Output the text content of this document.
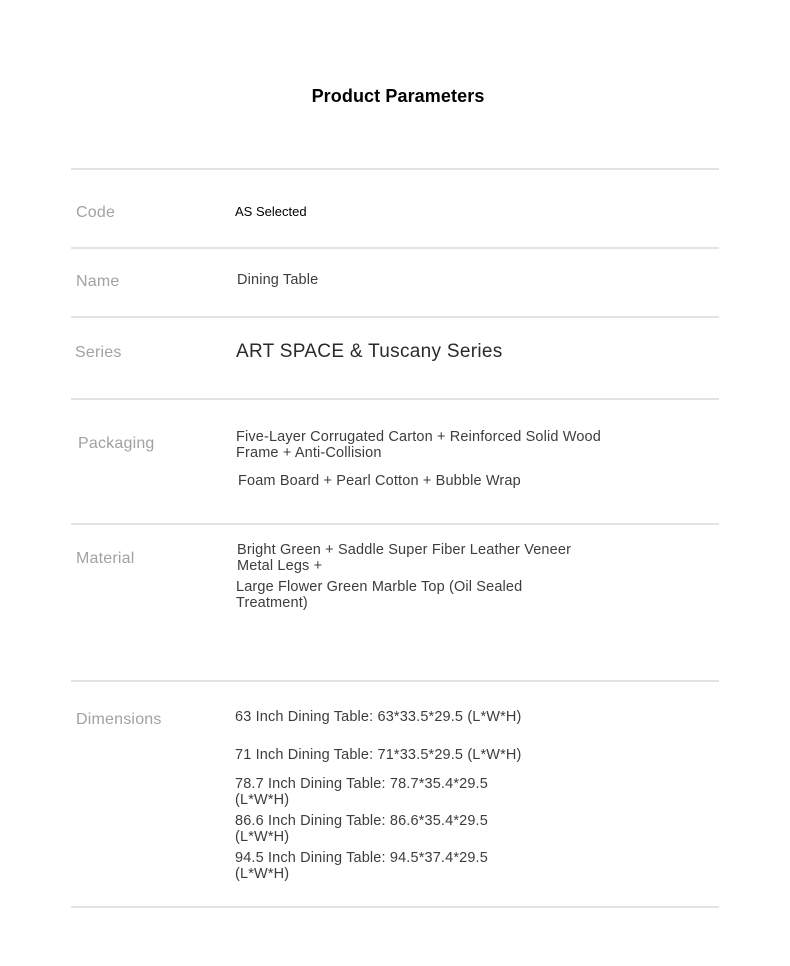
Product Parameters
Code	AS Selected
Name	Dining Table
Series	ART SPACE & Tuscany Series
Packaging	Five-Layer Corrugated Carton + Reinforced Solid Wood Frame + Anti-Collision
Foam Board + Pearl Cotton + Bubble Wrap
Material	Bright Green + Saddle Super Fiber Leather Veneer Metal Legs +
Large Flower Green Marble Top (Oil Sealed Treatment)
Dimensions	63 Inch Dining Table: 63*33.5*29.5 (L*W*H)
71 Inch Dining Table: 71*33.5*29.5 (L*W*H)
78.7 Inch Dining Table: 78.7*35.4*29.5 (L*W*H)
86.6 Inch Dining Table: 86.6*35.4*29.5 (L*W*H)
94.5 Inch Dining Table: 94.5*37.4*29.5 (L*W*H)
